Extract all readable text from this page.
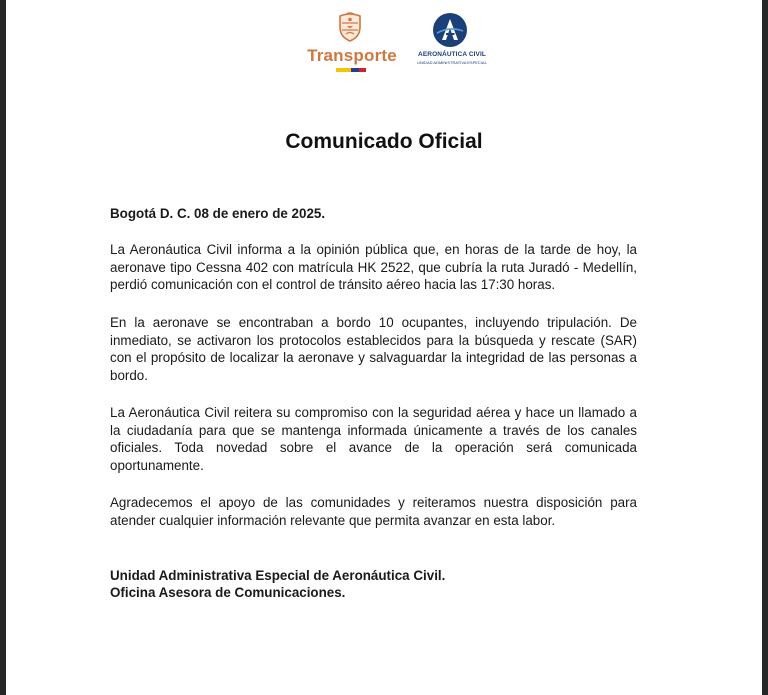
Transporte	AERONÁUTICA CIVIL
UNIDAD ADMINISTRATIVA ESPECIAL
Comunicado Oficial

Bogotá D. C. 08 de enero de 2025.

La Aeronáutica Civil informa a la opinión pública que, en horas de la tarde de hoy, la aeronave tipo Cessna 402 con matrícula HK 2522, que cubría la ruta Juradó - Medellín, perdió comunicación con el control de tránsito aéreo hacia las 17:30 horas.

En la aeronave se encontraban a bordo 10 ocupantes, incluyendo tripulación. De inmediato, se activaron los protocolos establecidos para la búsqueda y rescate (SAR) con el propósito de localizar la aeronave y salvaguardar la integridad de las personas a bordo.

La Aeronáutica Civil reitera su compromiso con la seguridad aérea y hace un llamado a la ciudadanía para que se mantenga informada únicamente a través de los canales oficiales. Toda novedad sobre el avance de la operación será comunicada oportunamente.

Agradecemos el apoyo de las comunidades y reiteramos nuestra disposición para atender cualquier información relevante que permita avanzar en esta labor.

Unidad Administrativa Especial de Aeronáutica Civil.

Oficina Asesora de Comunicaciones.
